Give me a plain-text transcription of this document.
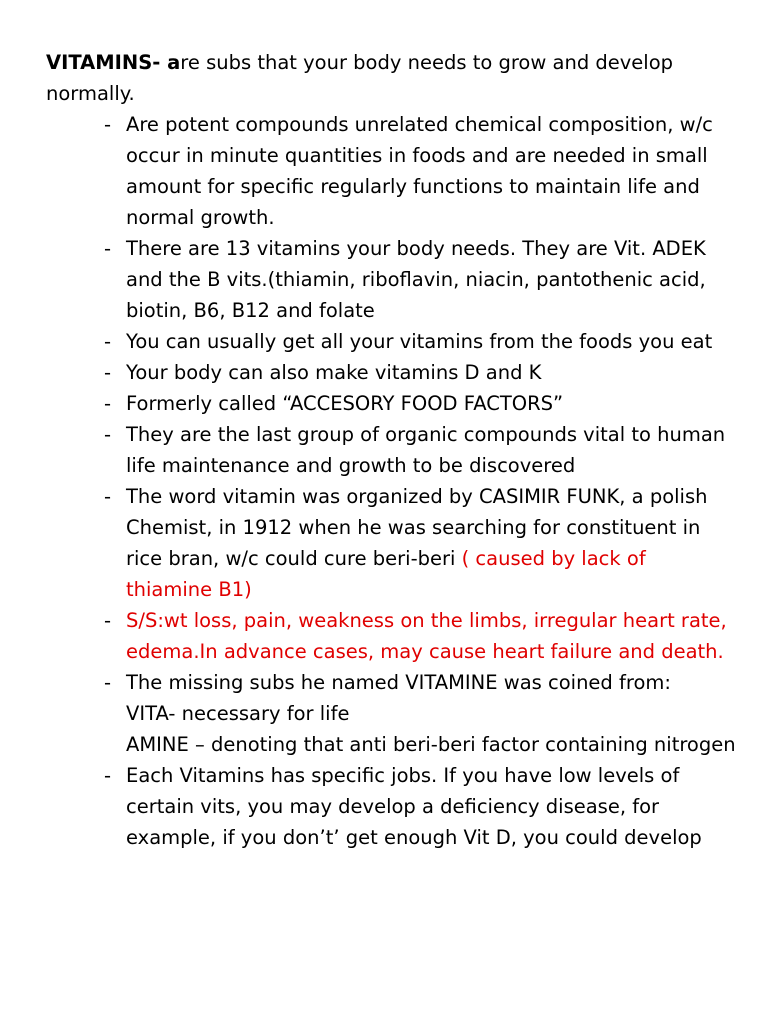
VITAMINS- are subs that your body needs to grow and develop normally.

- Are potent compounds unrelated chemical composition, w/c occur in minute quantities in foods and are needed in small amount for specific regularly functions to maintain life and normal growth.
- There are 13 vitamins your body needs. They are Vit. ADEK and the B vits.(thiamin, riboflavin, niacin, pantothenic acid, biotin, B6, B12 and folate
- You can usually get all your vitamins from the foods you eat
- Your body can also make vitamins D and K
- Formerly called “ACCESORY FOOD FACTORS”
- They are the last group of organic compounds vital to human life maintenance and growth to be discovered
- The word vitamin was organized by CASIMIR FUNK, a polish Chemist, in 1912 when he was searching for constituent in rice bran, w/c could cure beri-beri ( caused by lack of thiamine B1)
- S/S:wt loss, pain, weakness on the limbs, irregular heart rate, edema.In advance cases, may cause heart failure and death.
- The missing subs he named VITAMINE was coined from:
VITA- necessary for life
AMINE – denoting that anti beri-beri factor containing nitrogen
- Each Vitamins has specific jobs. If you have low levels of certain vits, you may develop a deficiency disease, for example, if you don’t’ get enough Vit D, you could develop
